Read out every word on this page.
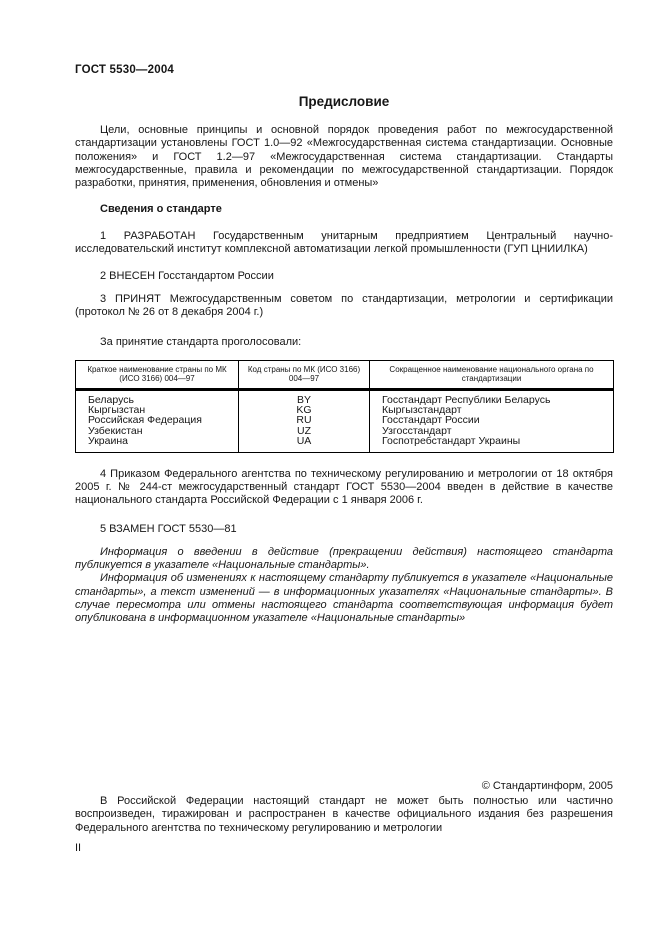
ГОСТ 5530—2004
Предисловие

Цели, основные принципы и основной порядок проведения работ по межгосударственной стандартизации установлены ГОСТ 1.0—92 «Межгосударственная система стандартизации. Основные положения» и ГОСТ 1.2—97 «Межгосударственная система стандартизации. Стандарты межгосударственные, правила и рекомендации по межгосударственной стандартизации. Порядок разработки, принятия, применения, обновления и отмены»

Сведения о стандарте

1 РАЗРАБОТАН Государственным унитарным предприятием Центральный научно-исследовательский институт комплексной автоматизации легкой промышленности (ГУП ЦНИИЛКА)

2 ВНЕСЕН Госстандартом России

3 ПРИНЯТ Межгосударственным советом по стандартизации, метрологии и сертификации (протокол № 26 от 8 декабря 2004 г.)

За принятие стандарта проголосовали:

Краткое наименование страны по МК (ИСО 3166) 004—97	Код страны по МК (ИСО 3166) 004—97	Сокращенное наименование национального органа по стандартизации
Беларусь	BY	Госстандарт Республики Беларусь
Кыргызстан	KG	Кыргызстандарт
Российская Федерация	RU	Госстандарт России
Узбекистан	UZ	Узгосстандарт
Украина	UA	Госпотребстандарт Украины

4 Приказом Федерального агентства по техническому регулированию и метрологии от 18 октября 2005 г. № 244-ст межгосударственный стандарт ГОСТ 5530—2004 введен в действие в качестве национального стандарта Российской Федерации с 1 января 2006 г.

5 ВЗАМЕН ГОСТ 5530—81

Информация о введении в действие (прекращении действия) настоящего стандарта публикуется в указателе «Национальные стандарты».

Информация об изменениях к настоящему стандарту публикуется в указателе «Национальные стандарты», а текст изменений — в информационных указателях «Национальные стандарты». В случае пересмотра или отмены настоящего стандарта соответствующая информация будет опубликована в информационном указателе «Национальные стандарты»

© Стандартинформ, 2005

В Российской Федерации настоящий стандарт не может быть полностью или частично воспроизведен, тиражирован и распространен в качестве официального издания без разрешения Федерального агентства по техническому регулированию и метрологии

II
